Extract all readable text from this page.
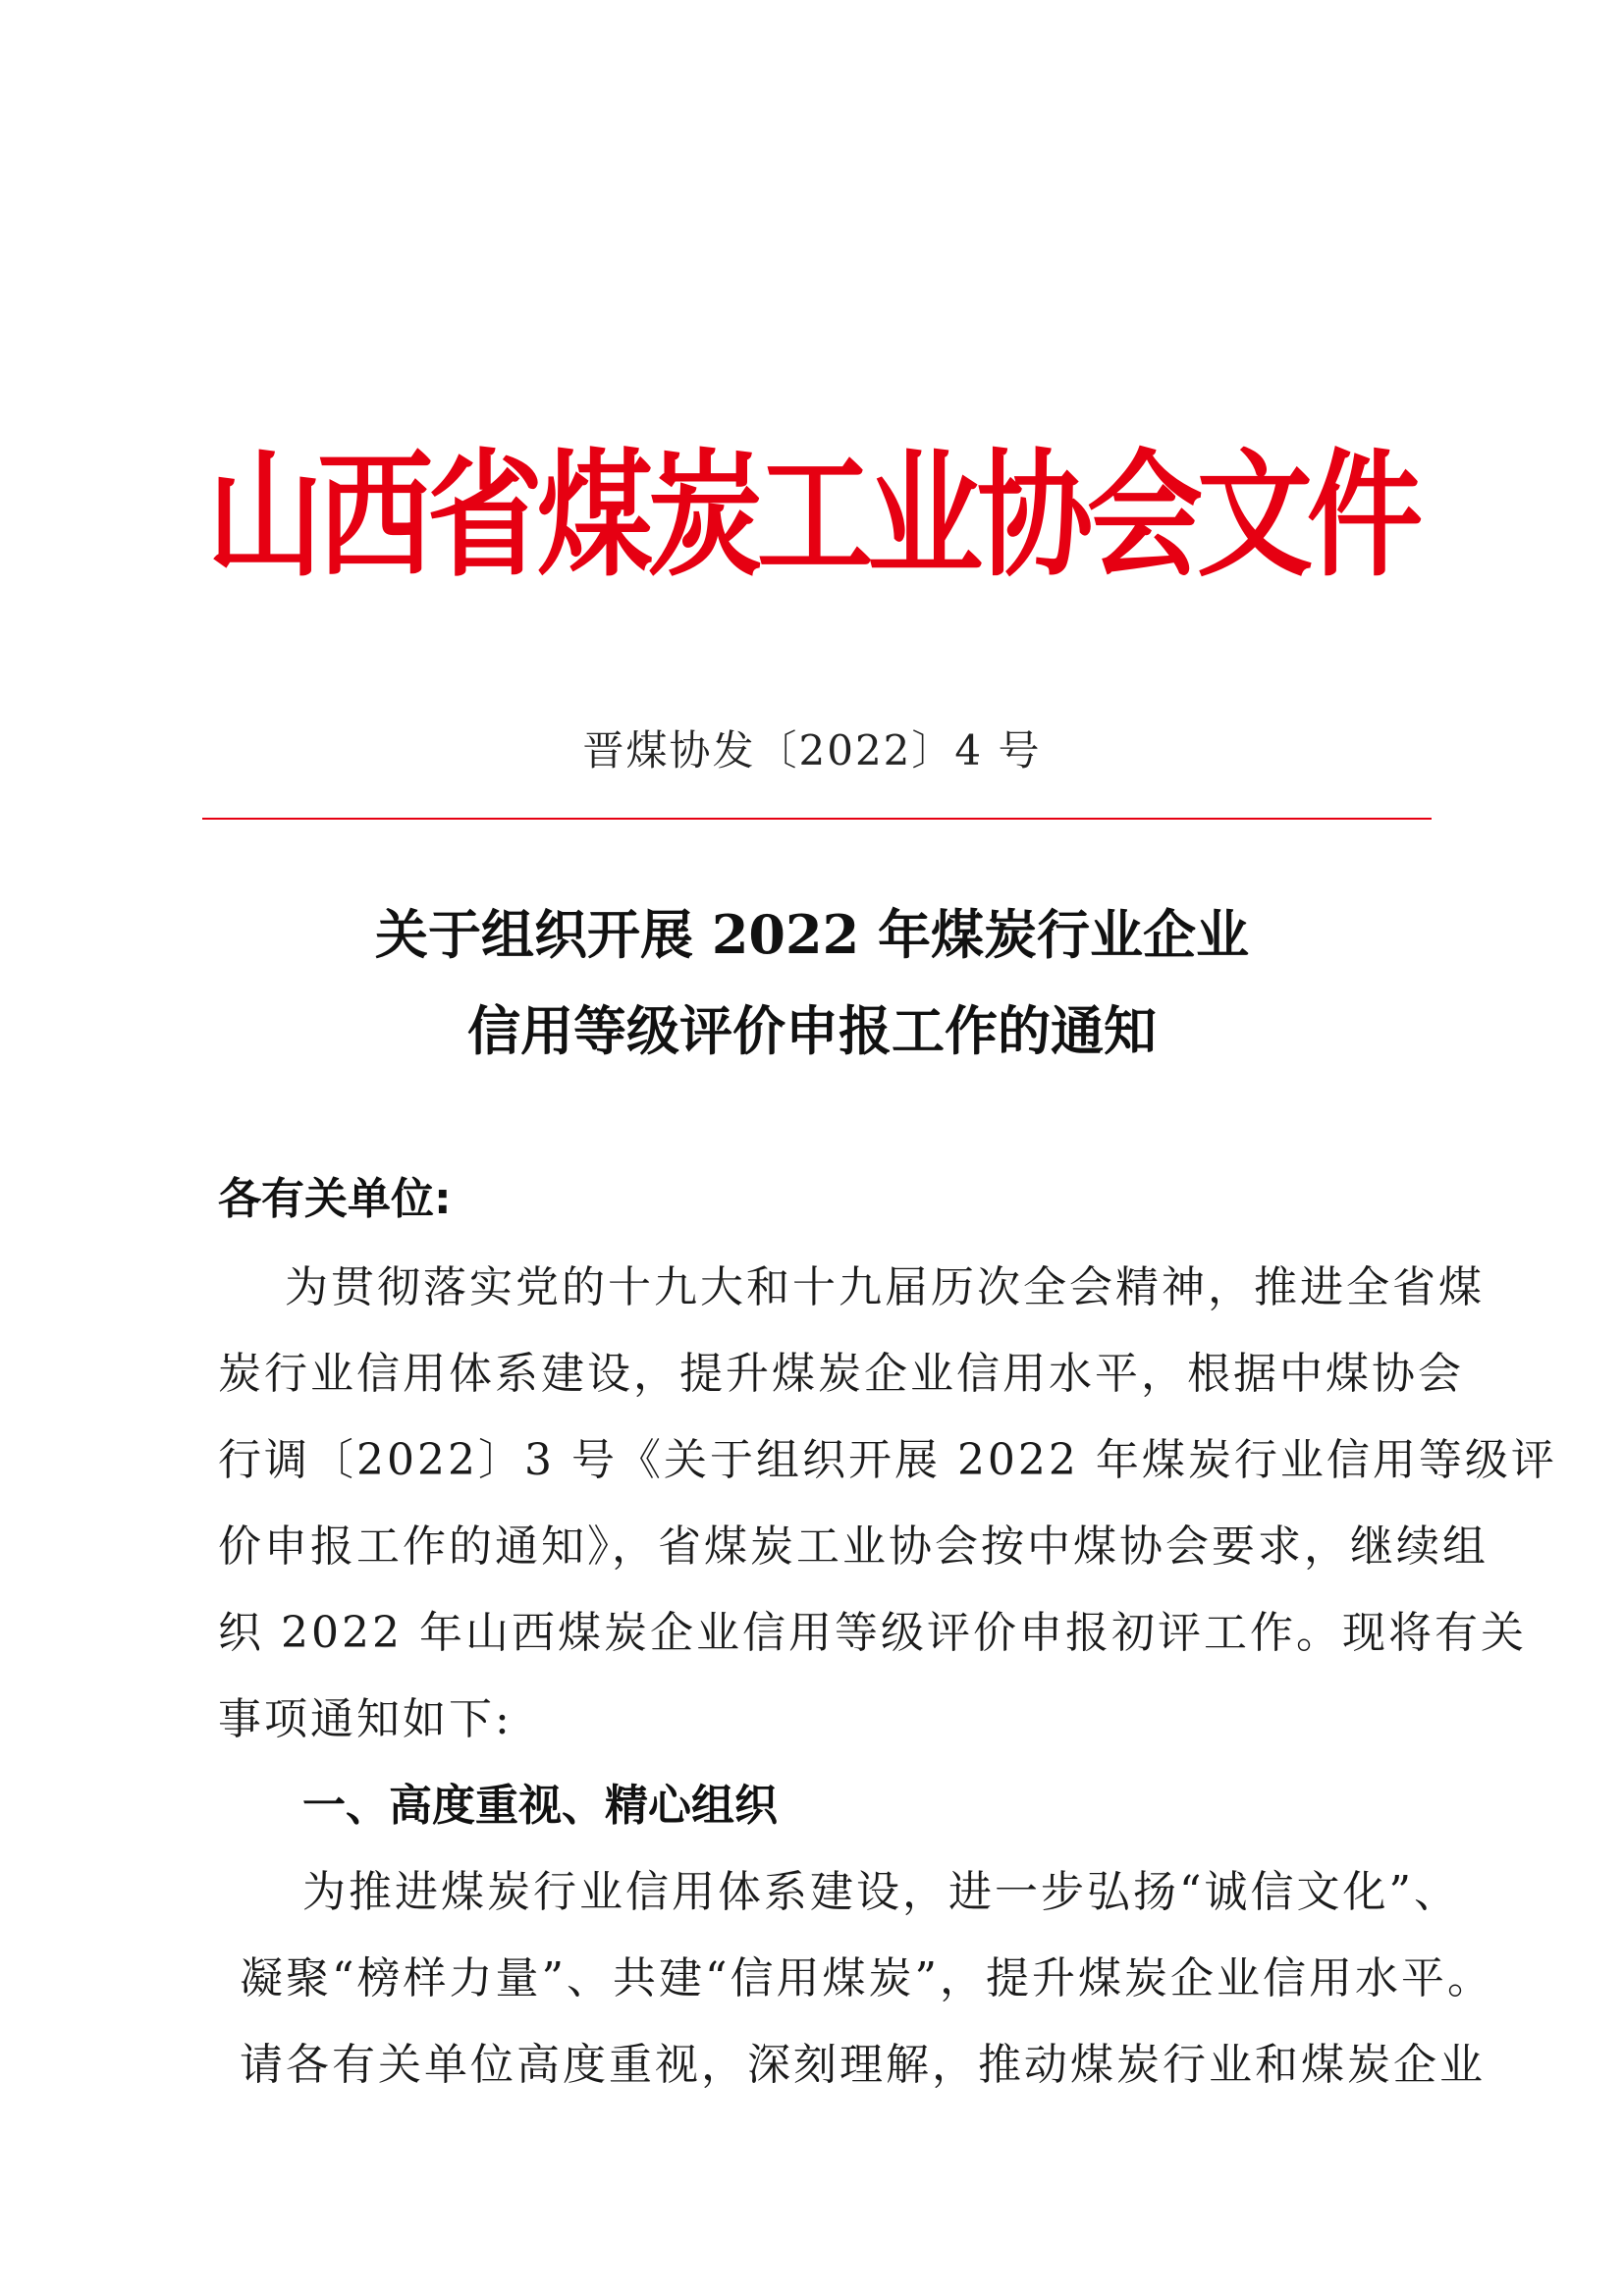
山西省煤炭工业协会文件
晋煤协发〔2022〕4 号
关于组织开展 2022 年煤炭行业企业
信用等级评价申报工作的通知
各有关单位:
为贯彻落实党的十九大和十九届历次全会精神，推进全省煤
炭行业信用体系建设，提升煤炭企业信用水平，根据中煤协会
行调〔2022〕3 号《关于组织开展 2022 年煤炭行业信用等级评
价申报工作的通知》，省煤炭工业协会按中煤协会要求，继续组
织 2022 年山西煤炭企业信用等级评价申报初评工作。现将有关
事项通知如下:
一、高度重视、精心组织
为推进煤炭行业信用体系建设，进一步弘扬“诚信文化”、
凝聚“榜样力量”、共建“信用煤炭”，提升煤炭企业信用水平。
请各有关单位高度重视，深刻理解，推动煤炭行业和煤炭企业
